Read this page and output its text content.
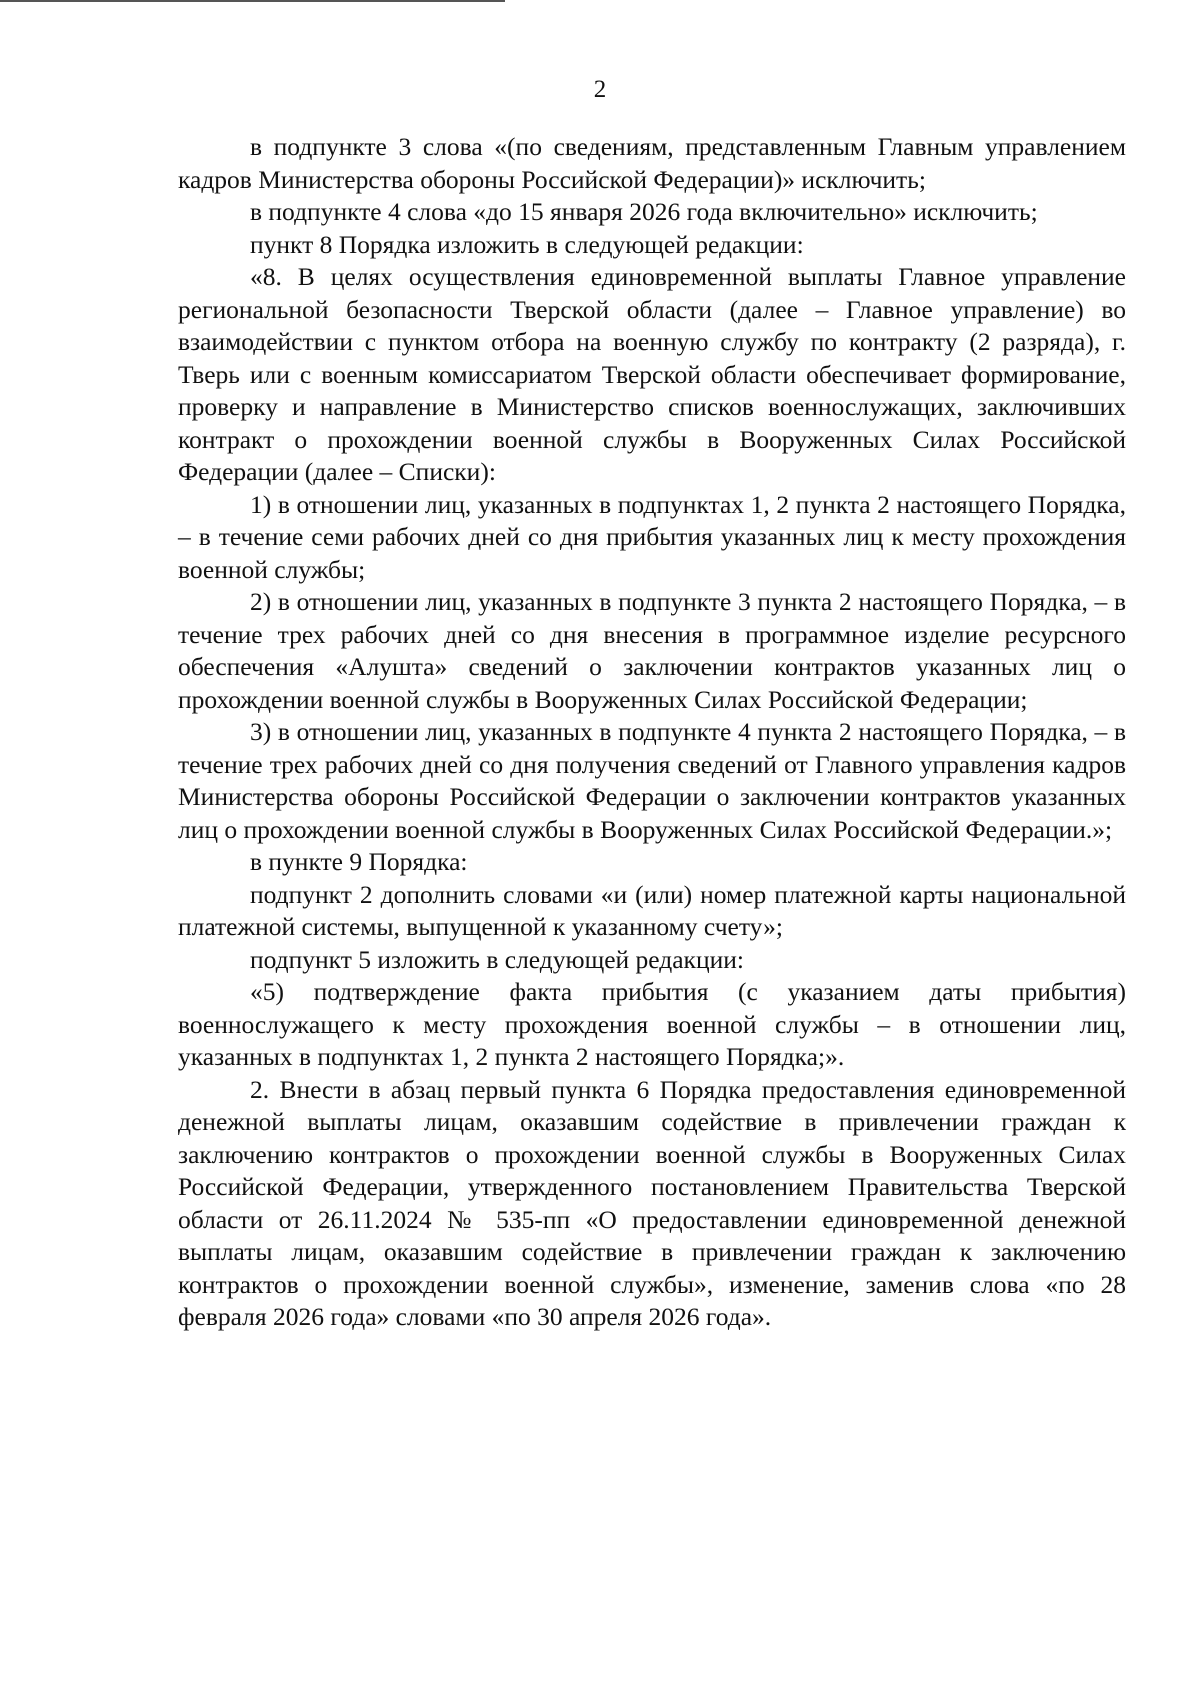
2

в подпункте 3 слова «(по сведениям, представленным Главным управлением кадров Министерства обороны Российской Федерации)» исключить;

в подпункте 4 слова «до 15 января 2026 года включительно» исключить;

пункт 8 Порядка изложить в следующей редакции:

«8. В целях осуществления единовременной выплаты Главное управление региональной безопасности Тверской области (далее – Главное управление) во взаимодействии с пунктом отбора на военную службу по контракту (2 разряда), г. Тверь или с военным комиссариатом Тверской области обеспечивает формирование, проверку и направление в Министерство списков военнослужащих, заключивших контракт о прохождении военной службы в Вооруженных Силах Российской Федерации (далее – Списки):

1) в отношении лиц, указанных в подпунктах 1, 2 пункта 2 настоящего Порядка, – в течение семи рабочих дней со дня прибытия указанных лиц к месту прохождения военной службы;

2) в отношении лиц, указанных в подпункте 3 пункта 2 настоящего Порядка, – в течение трех рабочих дней со дня внесения в программное изделие ресурсного обеспечения «Алушта» сведений о заключении контрактов указанных лиц о прохождении военной службы в Вооруженных Силах Российской Федерации;

3) в отношении лиц, указанных в подпункте 4 пункта 2 настоящего Порядка, – в течение трех рабочих дней со дня получения сведений от Главного управления кадров Министерства обороны Российской Федерации о заключении контрактов указанных лиц о прохождении военной службы в Вооруженных Силах Российской Федерации.»;

в пункте 9 Порядка:

подпункт 2 дополнить словами «и (или) номер платежной карты национальной платежной системы, выпущенной к указанному счету»;

подпункт 5 изложить в следующей редакции:

«5) подтверждение факта прибытия (с указанием даты прибытия) военнослужащего к месту прохождения военной службы – в отношении лиц, указанных в подпунктах 1, 2 пункта 2 настоящего Порядка;».

2. Внести в абзац первый пункта 6 Порядка предоставления единовременной денежной выплаты лицам, оказавшим содействие в привлечении граждан к заключению контрактов о прохождении военной службы в Вооруженных Силах Российской Федерации, утвержденного постановлением Правительства Тверской области от 26.11.2024 № 535-пп «О предоставлении единовременной денежной выплаты лицам, оказавшим содействие в привлечении граждан к заключению контрактов о прохождении военной службы», изменение, заменив слова «по 28 февраля 2026 года» словами «по 30 апреля 2026 года».
